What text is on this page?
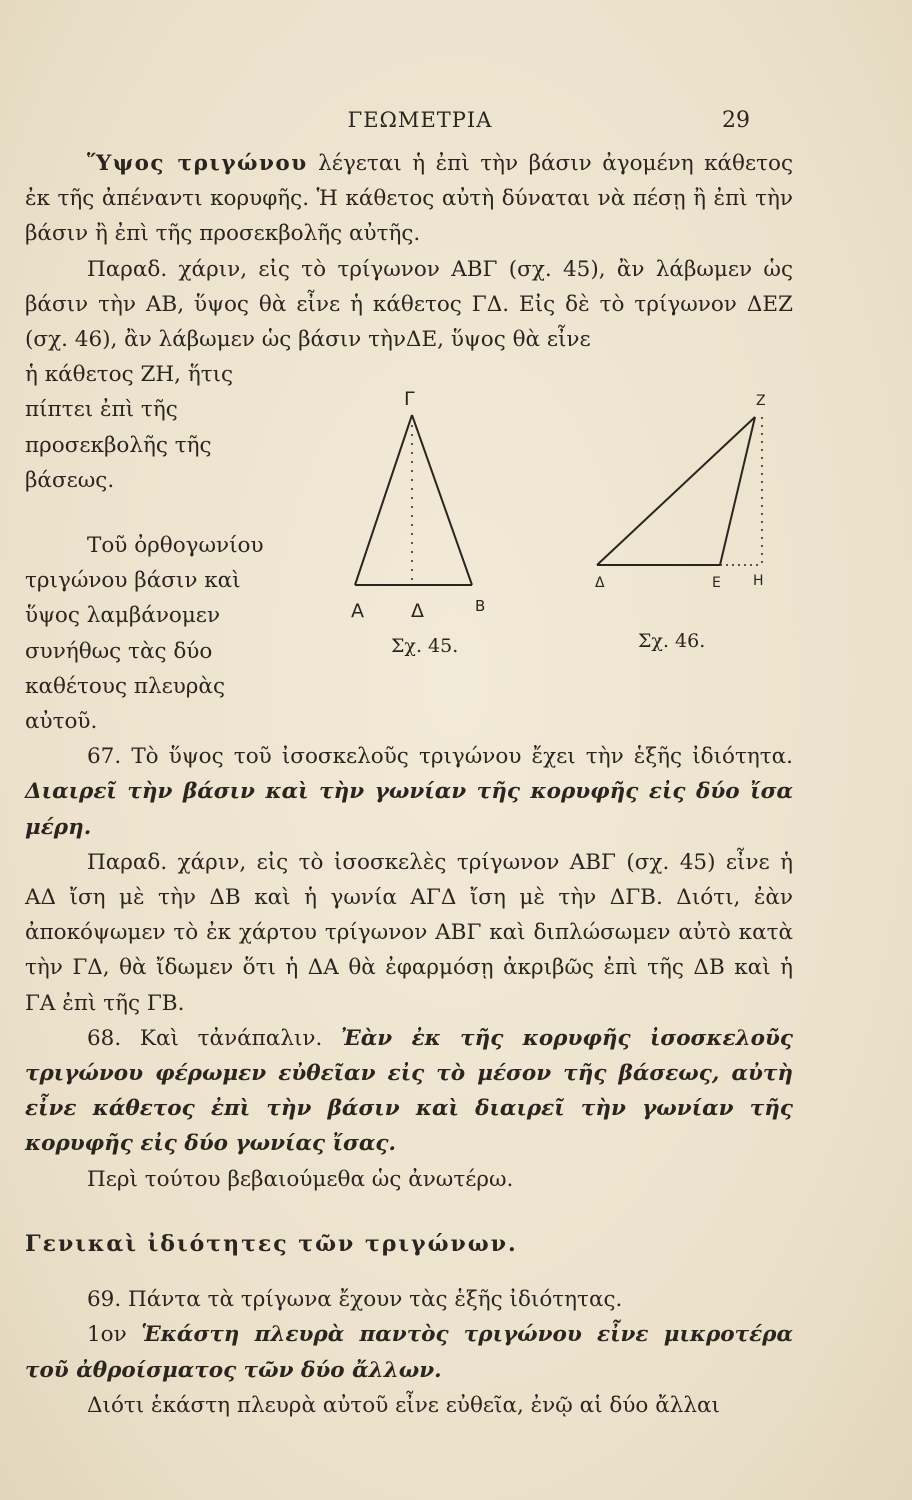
ΓΕΩΜΕΤΡΙΑ	29

Ὕψος τριγώνου λέγεται ἡ ἐπὶ τὴν βάσιν ἀγομένη κάθετος ἐκ τῆς ἀπέναντι κορυφῆς. Ἡ κάθετος αὐτὴ δύναται νὰ πέσῃ ἢ ἐπὶ τὴν βάσιν ἢ ἐπὶ τῆς προσεκβολῆς αὐτῆς.

Παραδ. χάριν, εἰς τὸ τρίγωνον ΑΒΓ (σχ. 45), ἂν λάβωμεν ὡς βάσιν τὴν ΑΒ, ὕψος θὰ εἶνε ἡ κάθετος ΓΔ. Εἰς δὲ τὸ τρίγωνον ΔΕΖ (σχ. 46), ἂν λάβωμεν ὡς βάσιν τὴνΔΕ, ὕψος θὰ εἶνε

ἡ κάθετος ΖΗ, ἥτις πίπτει ἐπὶ τῆς προσεκβολῆς τῆς βάσεως.

Τοῦ ὀρθογωνίου τριγώνου βάσιν καὶ ὕψος λαμβάνομεν συνήθως τὰς δύο καθέτους πλευρὰς αὐτοῦ.

67. Τὸ ὕψος τοῦ ἰσοσκελοῦς τριγώνου ἔχει τὴν ἑξῆς ἰδιότητα. Διαιρεῖ τὴν βάσιν καὶ τὴν γωνίαν τῆς κορυφῆς εἰς δύο ἴσα μέρη.

Παραδ. χάριν, εἰς τὸ ἰσοσκελὲς τρίγωνον ΑΒΓ (σχ. 45) εἶνε ἡ ΑΔ ἴση μὲ τὴν ΔΒ καὶ ἡ γωνία ΑΓΔ ἴση μὲ τὴν ΔΓΒ. Διότι, ἐὰν ἀποκόψωμεν τὸ ἐκ χάρτου τρίγωνον ΑΒΓ καὶ διπλώσωμεν αὐτὸ κατὰ τὴν ΓΔ, θὰ ἴδωμεν ὅτι ἡ ΔΑ θὰ ἐφαρμόσῃ ἀκριβῶς ἐπὶ τῆς ΔΒ καὶ ἡ ΓΑ ἐπὶ τῆς ΓΒ.

68. Καὶ τἀνάπαλιν. Ἐὰν ἐκ τῆς κορυφῆς ἰσοσκελοῦς τριγώνου φέρωμεν εὐθεῖαν εἰς τὸ μέσον τῆς βάσεως, αὐτὴ εἶνε κάθετος ἐπὶ τὴν βάσιν καὶ διαιρεῖ τὴν γωνίαν τῆς κορυφῆς εἰς δύο γωνίας ἴσας.

Περὶ τούτου βεβαιούμεθα ὡς ἀνωτέρω.

Γενικαὶ ἰδιότητες τῶν τριγώνων.

69. Πάντα τὰ τρίγωνα ἔχουν τὰς ἑξῆς ἰδιότητας.

1ον Ἑκάστη πλευρὰ παντὸς τριγώνου εἶνε μικροτέρα τοῦ ἀθροίσματος τῶν δύο ἄλλων.

Διότι ἑκάστη πλευρὰ αὐτοῦ εἶνε εὐθεῖα, ἐνῷ αἱ δύο ἄλλαι

Γ
Α Δ	Β
Σχ. 45.
Ζ
Δ	Ε Η
Σχ. 46.
